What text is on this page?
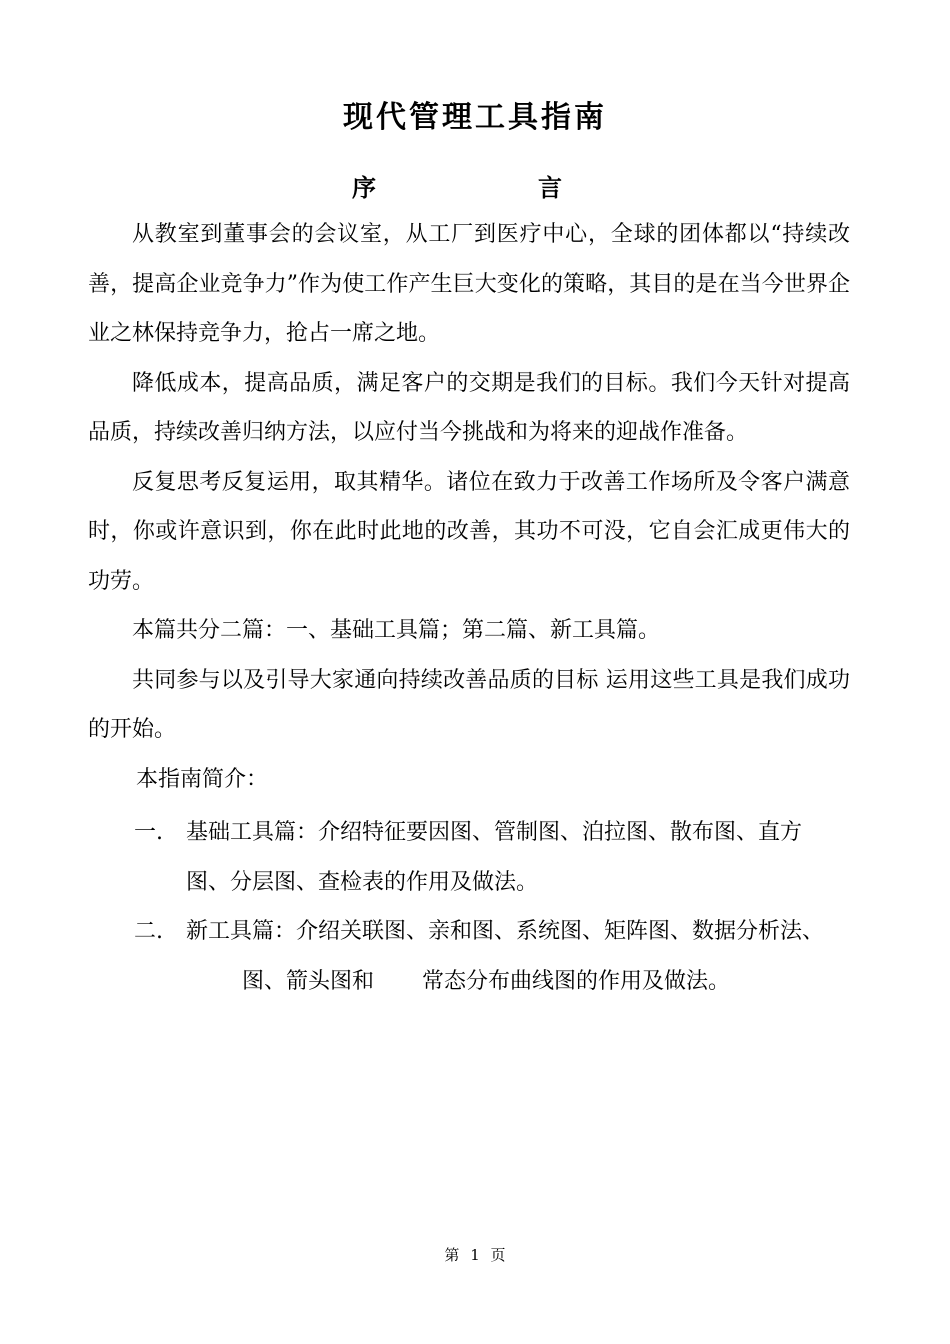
现代管理工具指南
序	言

从教室到董事会的会议室，从工厂到医疗中心，全球的团体都以“持续改善，提高企业竞争力”作为使工作产生巨大变化的策略，其目的是在当今世界企业之林保持竞争力，抢占一席之地。

降低成本，提高品质，满足客户的交期是我们的目标。我们今天针对提高品质，持续改善归纳方法，以应付当今挑战和为将来的迎战作准备。

反复思考反复运用，取其精华。诸位在致力于改善工作场所及令客户满意时，你或许意识到，你在此时此地的改善，其功不可没，它自会汇成更伟大的功劳。

本篇共分二篇：一、基础工具篇；第二篇、新工具篇。

共同参与以及引导大家通向持续改善品质的目标 运用这些工具是我们成功的开始。

本指南简介：

一.	基础工具篇：介绍特征要因图、管制图、泊拉图、散布图、直方
图、分层图、查检表的作用及做法。
二.	新工具篇：介绍关联图、亲和图、系统图、矩阵图、数据分析法、
图、箭头图和 常态分布曲线图的作用及做法。
第 1 页
